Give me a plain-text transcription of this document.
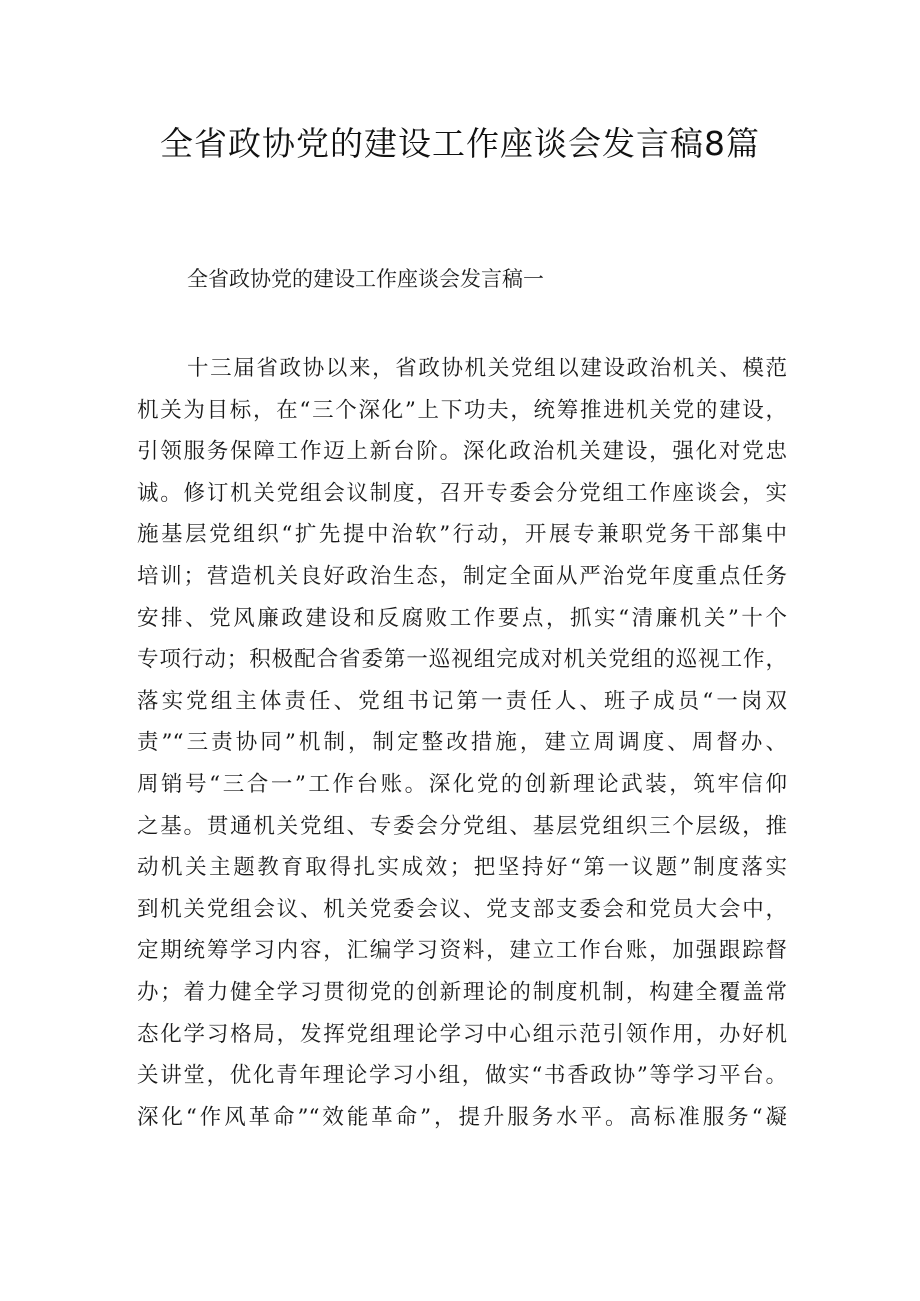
全省政协党的建设工作座谈会发言稿8篇
全省政协党的建设工作座谈会发言稿一
十三届省政协以来，省政协机关党组以建设政治机关、模范
机关为目标，在“三个深化”上下功夫，统筹推进机关党的建设，
引领服务保障工作迈上新台阶。深化政治机关建设，强化对党忠
诚。修订机关党组会议制度，召开专委会分党组工作座谈会，实
施基层党组织“扩先提中治软”行动，开展专兼职党务干部集中
培训；营造机关良好政治生态，制定全面从严治党年度重点任务
安排、党风廉政建设和反腐败工作要点，抓实“清廉机关”十个
专项行动；积极配合省委第一巡视组完成对机关党组的巡视工作，
落实党组主体责任、党组书记第一责任人、班子成员“一岗双
责”“三责协同”机制，制定整改措施，建立周调度、周督办、
周销号“三合一”工作台账。深化党的创新理论武装，筑牢信仰
之基。贯通机关党组、专委会分党组、基层党组织三个层级，推
动机关主题教育取得扎实成效；把坚持好“第一议题”制度落实
到机关党组会议、机关党委会议、党支部支委会和党员大会中，
定期统筹学习内容，汇编学习资料，建立工作台账，加强跟踪督
办；着力健全学习贯彻党的创新理论的制度机制，构建全覆盖常
态化学习格局，发挥党组理论学习中心组示范引领作用，办好机
关讲堂，优化青年理论学习小组，做实“书香政协”等学习平台。
深化“作风革命”“效能革命”，提升服务水平。高标准服务“凝
